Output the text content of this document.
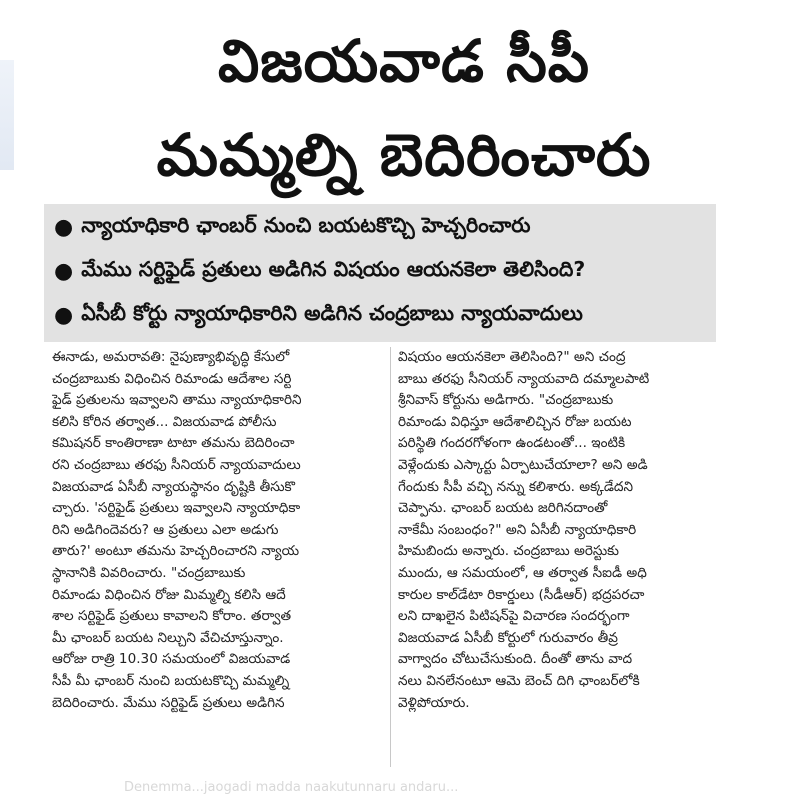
విజయవాడ సీపీ
మమ్మల్ని బెదిరించారు
● న్యాయాధికారి ఛాంబర్ నుంచి బయటకొచ్చి హెచ్చరించారు
● మేము సర్టిఫైడ్ ప్రతులు అడిగిన విషయం ఆయనకెలా తెలిసింది?
● ఏసీబీ కోర్టు న్యాయాధికారిని అడిగిన చంద్రబాబు న్యాయవాదులు
ఈనాడు, అమరావతి: నైపుణ్యాభివృద్ధి కేసులో
చంద్రబాబుకు విధించిన రిమాండు ఆదేశాల సర్టి
ఫైడ్ ప్రతులను ఇవ్వాలని తాము న్యాయాధికారిని
కలిసి కోరిన తర్వాత... విజయవాడ పోలీసు
కమిషనర్ కాంతిరాణా టాటా తమను బెదిరించా
రని చంద్రబాబు తరఫు సీనియర్ న్యాయవాదులు
విజయవాడ ఏసీబీ న్యాయస్థానం దృష్టికి తీసుకొ
చ్చారు. 'సర్టిఫైడ్ ప్రతులు ఇవ్వాలని న్యాయాధికా
రిని అడిగిందెవరు? ఆ ప్రతులు ఎలా అడుగు
తారు?' అంటూ తమను హెచ్చరించారని న్యాయ
స్థానానికి వివరించారు. "చంద్రబాబుకు
రిమాండు విధించిన రోజు మిమ్మల్ని కలిసి ఆదే
శాల సర్టిఫైడ్ ప్రతులు కావాలని కోరాం. తర్వాత
మీ ఛాంబర్ బయట నిల్చుని వేచిచూస్తున్నాం.
ఆరోజు రాత్రి 10.30 సమయంలో విజయవాడ
సీపీ మీ ఛాంబర్ నుంచి బయటకొచ్చి మమ్మల్ని
బెదిరించారు. మేము సర్టిఫైడ్ ప్రతులు అడిగిన
విషయం ఆయనకెలా తెలిసింది?" అని చంద్ర
బాబు తరఫు సీనియర్ న్యాయవాది దమ్మాలపాటి
శ్రీనివాస్ కోర్టును అడిగారు. "చంద్రబాబుకు
రిమాండు విధిస్తూ ఆదేశాలిచ్చిన రోజు బయట
పరిస్థితి గందరగోళంగా ఉండటంతో... ఇంటికి
వెళ్లేందుకు ఎస్కార్టు ఏర్పాటుచేయాలా? అని అడి
గేందుకు సీపీ వచ్చి నన్ను కలిశారు. అక్కడేదని
చెప్పాను. ఛాంబర్ బయట జరిగినదాంతో
నాకేమీ సంబంధం?" అని ఏసీబీ న్యాయాధికారి
హిమబిందు అన్నారు. చంద్రబాబు అరెస్టుకు
ముందు, ఆ సమయంలో, ఆ తర్వాత సీఐడీ అధి
కారుల కాల్‌డేటా రికార్డులు (సీడీఆర్) భద్రపరచా
లని దాఖలైన పిటిషన్‌పై విచారణ సందర్భంగా
విజయవాడ ఏసీబీ కోర్టులో గురువారం తీవ్ర
వాగ్వాదం చోటుచేసుకుంది. దీంతో తాను వాద
నలు వినలేనంటూ ఆమె బెంచ్ దిగి ఛాంబర్‌లోకి
వెళ్లిపోయారు.
Denemma...jaogadi madda naakutunnaru andaru...
